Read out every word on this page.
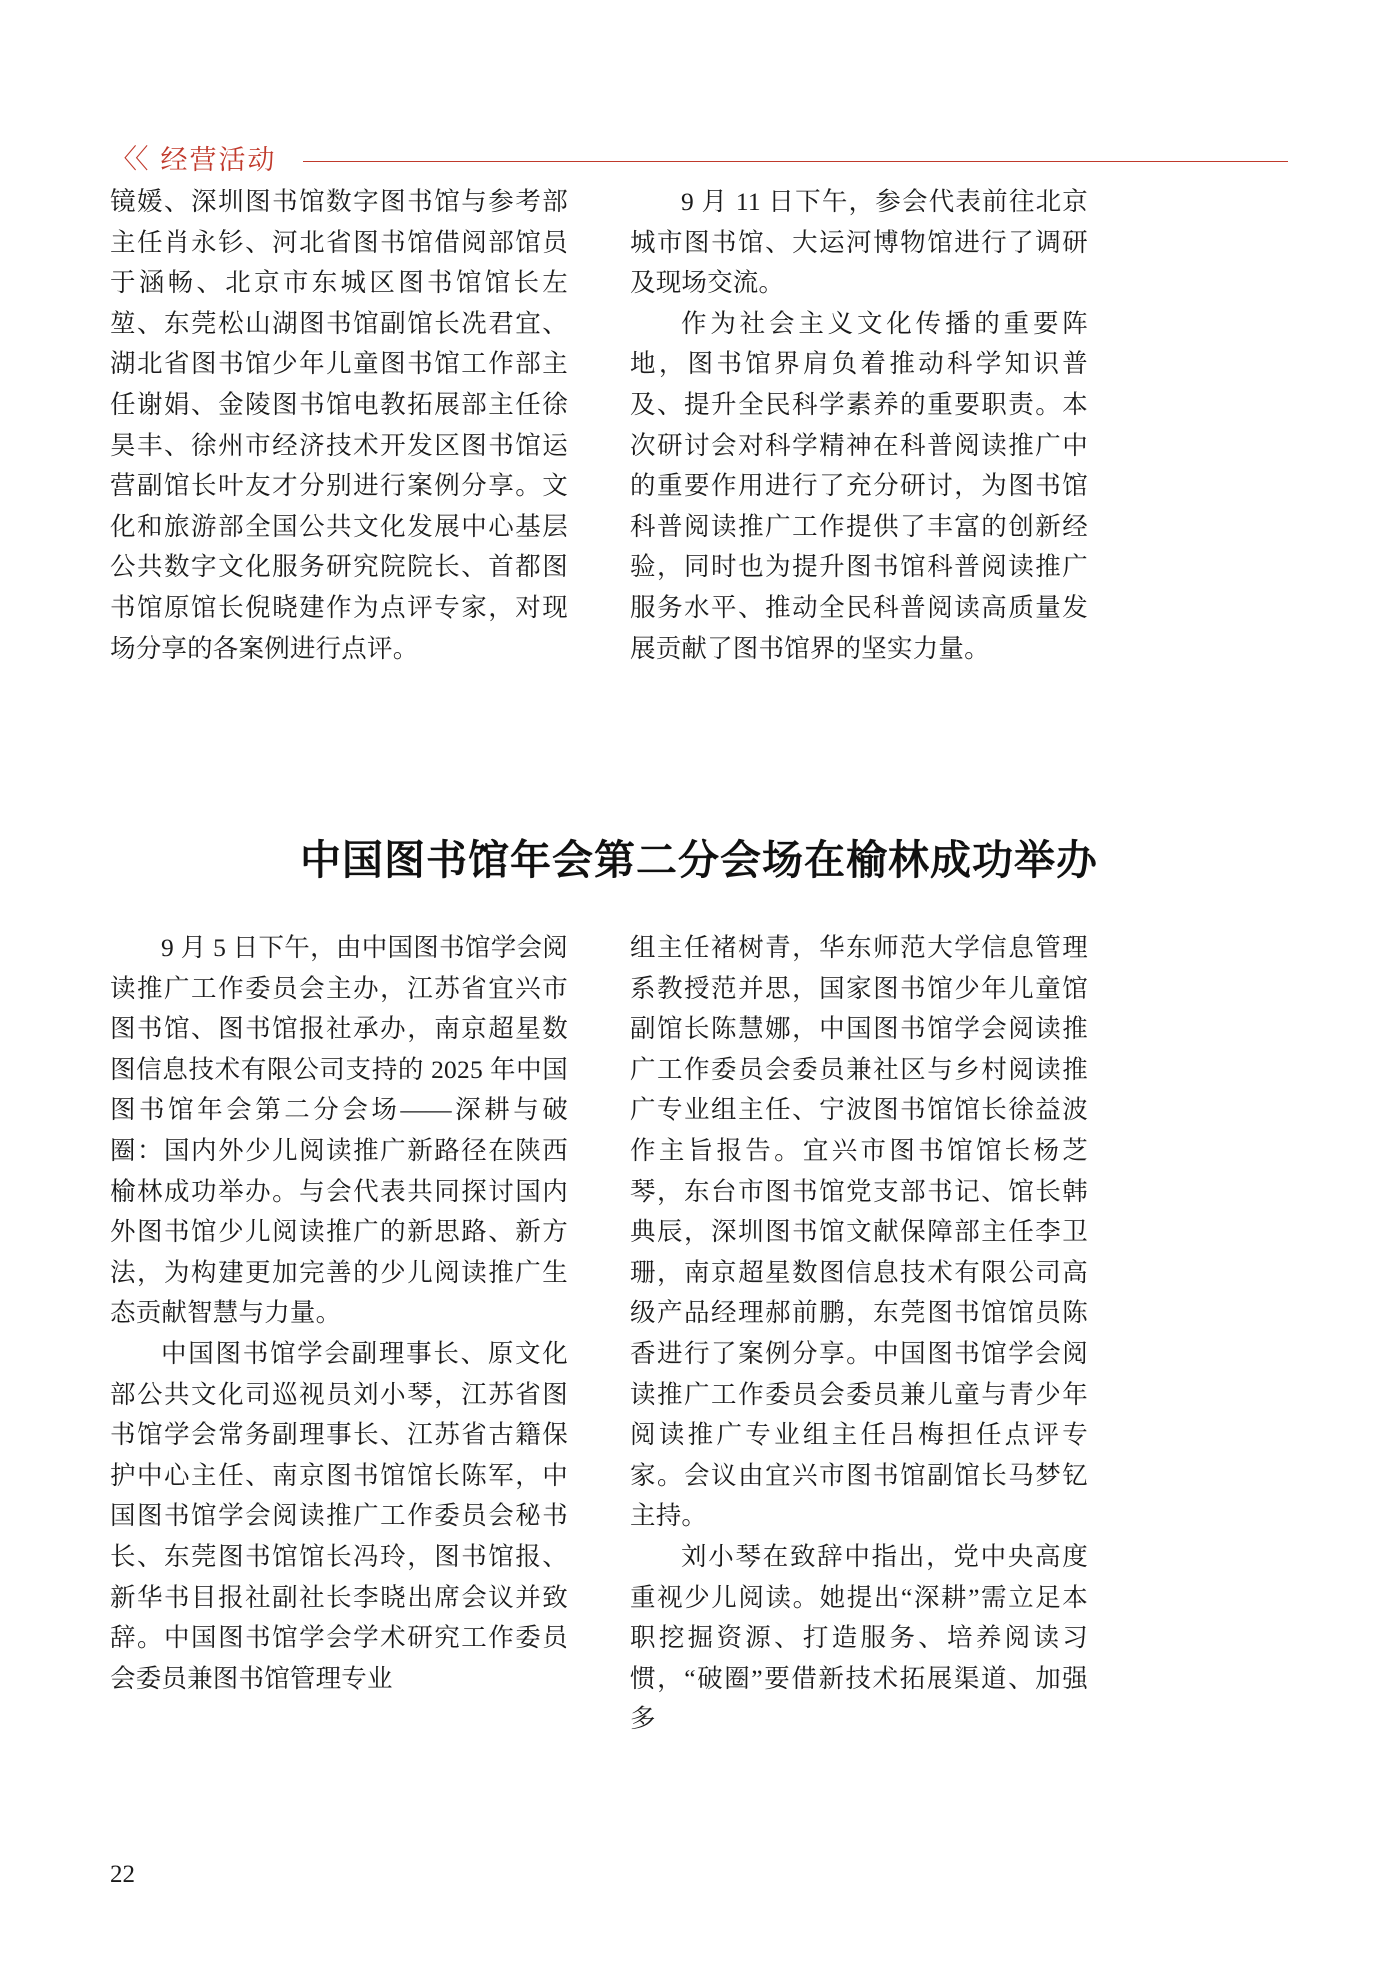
〈〈 经营活动

镜媛、深圳图书馆数字图书馆与参考部主任肖永钐、河北省图书馆借阅部馆员于涵畅、北京市东城区图书馆馆长左堃、东莞松山湖图书馆副馆长冼君宜、湖北省图书馆少年儿童图书馆工作部主任谢娟、金陵图书馆电教拓展部主任徐昊丰、徐州市经济技术开发区图书馆运营副馆长叶友才分别进行案例分享。文化和旅游部全国公共文化发展中心基层公共数字文化服务研究院院长、首都图书馆原馆长倪晓建作为点评专家，对现场分享的各案例进行点评。

9 月 11 日下午，参会代表前往北京城市图书馆、大运河博物馆进行了调研及现场交流。

作为社会主义文化传播的重要阵地，图书馆界肩负着推动科学知识普及、提升全民科学素养的重要职责。本次研讨会对科学精神在科普阅读推广中的重要作用进行了充分研讨，为图书馆科普阅读推广工作提供了丰富的创新经验，同时也为提升图书馆科普阅读推广服务水平、推动全民科普阅读高质量发展贡献了图书馆界的坚实力量。

中国图书馆年会第二分会场在榆林成功举办

9 月 5 日下午，由中国图书馆学会阅读推广工作委员会主办，江苏省宜兴市图书馆、图书馆报社承办，南京超星数图信息技术有限公司支持的 2025 年中国图书馆年会第二分会场——深耕与破圈：国内外少儿阅读推广新路径在陕西榆林成功举办。与会代表共同探讨国内外图书馆少儿阅读推广的新思路、新方法，为构建更加完善的少儿阅读推广生态贡献智慧与力量。

中国图书馆学会副理事长、原文化部公共文化司巡视员刘小琴，江苏省图书馆学会常务副理事长、江苏省古籍保护中心主任、南京图书馆馆长陈军，中国图书馆学会阅读推广工作委员会秘书长、东莞图书馆馆长冯玲，图书馆报、新华书目报社副社长李晓出席会议并致辞。中国图书馆学会学术研究工作委员会委员兼图书馆管理专业

组主任褚树青，华东师范大学信息管理系教授范并思，国家图书馆少年儿童馆副馆长陈慧娜，中国图书馆学会阅读推广工作委员会委员兼社区与乡村阅读推广专业组主任、宁波图书馆馆长徐益波作主旨报告。宜兴市图书馆馆长杨芝琴，东台市图书馆党支部书记、馆长韩典辰，深圳图书馆文献保障部主任李卫珊，南京超星数图信息技术有限公司高级产品经理郝前鹏，东莞图书馆馆员陈香进行了案例分享。中国图书馆学会阅读推广工作委员会委员兼儿童与青少年阅读推广专业组主任吕梅担任点评专家。会议由宜兴市图书馆副馆长马梦钇主持。

刘小琴在致辞中指出，党中央高度重视少儿阅读。她提出“深耕”需立足本职挖掘资源、打造服务、培养阅读习惯，“破圈”要借新技术拓展渠道、加强多

22
